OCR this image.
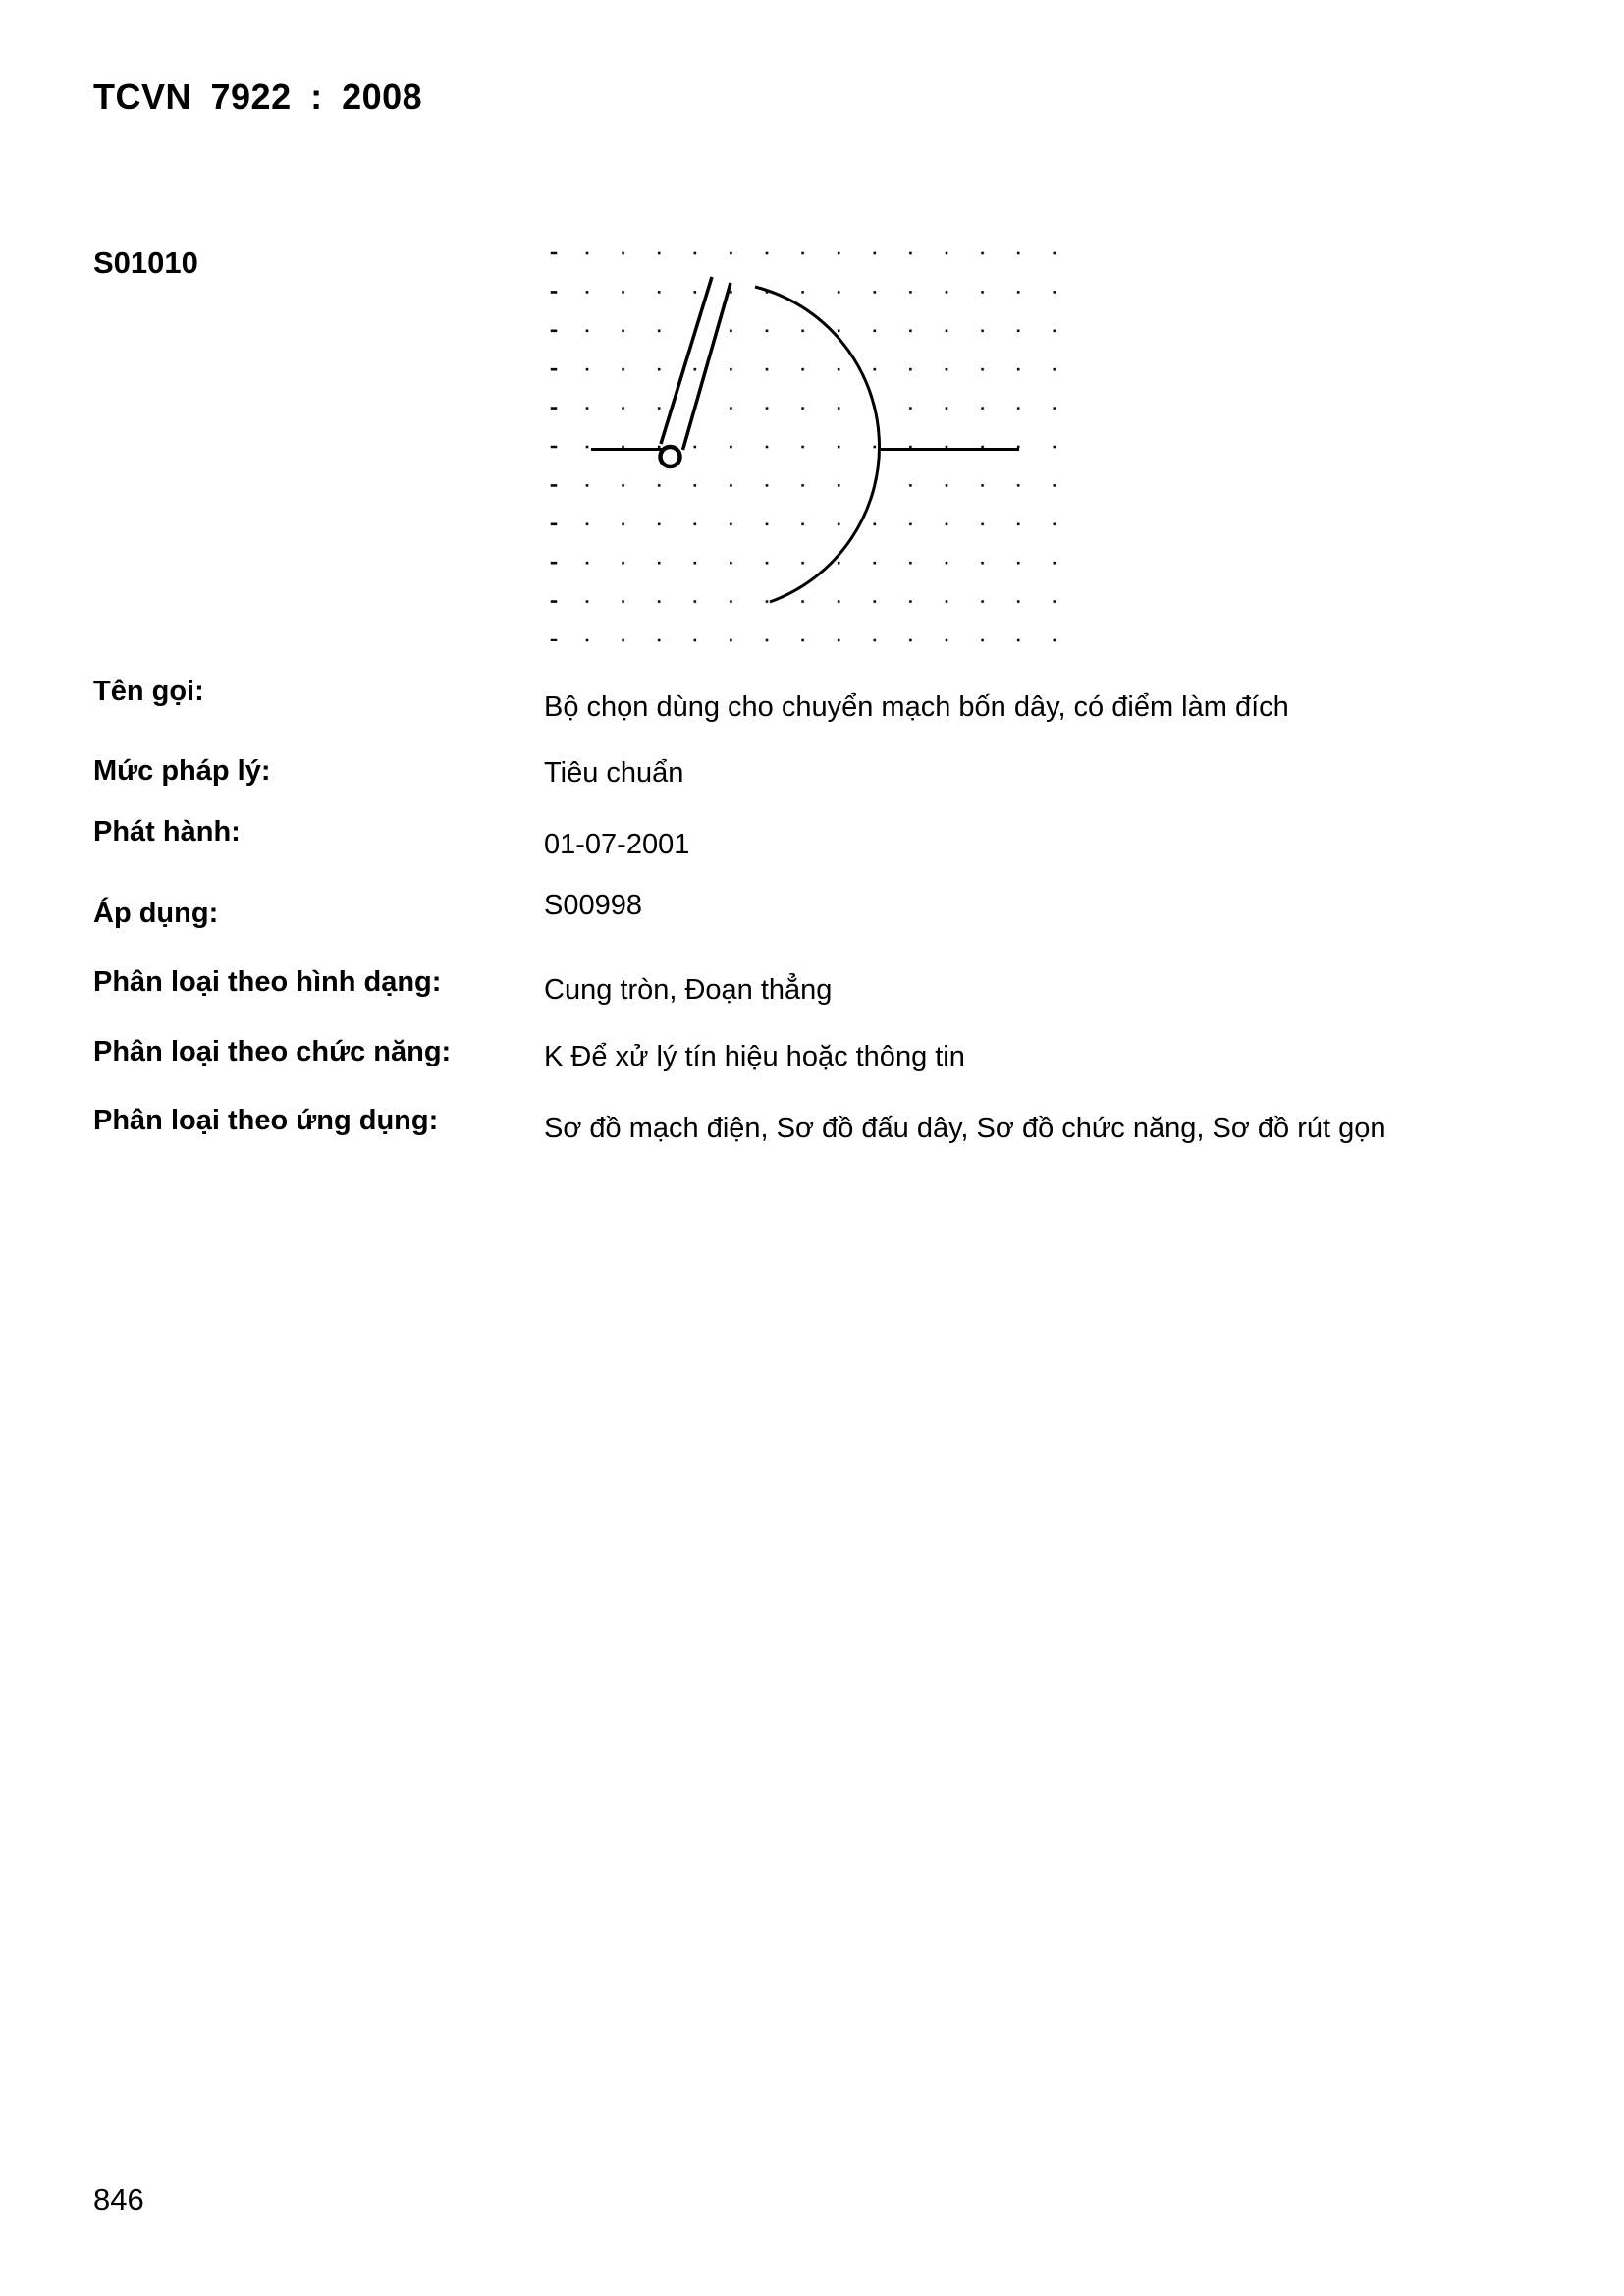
TCVN 7922 : 2008
S01010
Tên gọi:	Bộ chọn dùng cho chuyển mạch bốn dây, có điểm làm đích
Mức pháp lý:	Tiêu chuẩn
Phát hành:	01-07-2001
Áp dụng:	S00998
Phân loại theo hình dạng:	Cung tròn, Đoạn thẳng
Phân loại theo chức năng:	K Để xử lý tín hiệu hoặc thông tin
Phân loại theo ứng dụng:	Sơ đồ mạch điện, Sơ đồ đấu dây, Sơ đồ chức năng, Sơ đồ rút gọn
846
